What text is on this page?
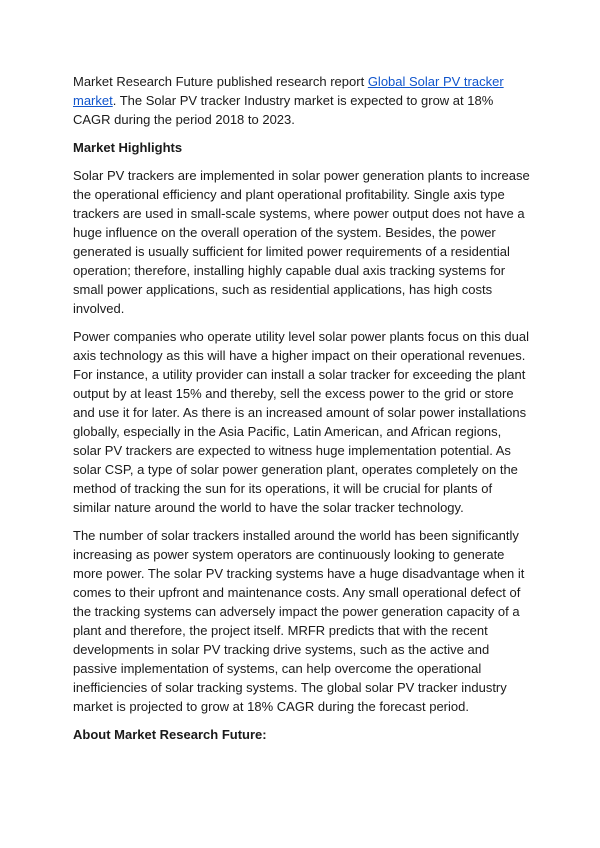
Market Research Future published research report Global Solar PV tracker market. The Solar PV tracker Industry market is expected to grow at 18% CAGR during the period 2018 to 2023.

Market Highlights

Solar PV trackers are implemented in solar power generation plants to increase the operational efficiency and plant operational profitability. Single axis type trackers are used in small-scale systems, where power output does not have a huge influence on the overall operation of the system. Besides, the power generated is usually sufficient for limited power requirements of a residential operation; therefore, installing highly capable dual axis tracking systems for small power applications, such as residential applications, has high costs involved.

Power companies who operate utility level solar power plants focus on this dual axis technology as this will have a higher impact on their operational revenues. For instance, a utility provider can install a solar tracker for exceeding the plant output by at least 15% and thereby, sell the excess power to the grid or store and use it for later. As there is an increased amount of solar power installations globally, especially in the Asia Pacific, Latin American, and African regions, solar PV trackers are expected to witness huge implementation potential. As solar CSP, a type of solar power generation plant, operates completely on the method of tracking the sun for its operations, it will be crucial for plants of similar nature around the world to have the solar tracker technology.

The number of solar trackers installed around the world has been significantly increasing as power system operators are continuously looking to generate more power. The solar PV tracking systems have a huge disadvantage when it comes to their upfront and maintenance costs. Any small operational defect of the tracking systems can adversely impact the power generation capacity of a plant and therefore, the project itself. MRFR predicts that with the recent developments in solar PV tracking drive systems, such as the active and passive implementation of systems, can help overcome the operational inefficiencies of solar tracking systems. The global solar PV tracker industry market is projected to grow at 18% CAGR during the forecast period.

About Market Research Future:
